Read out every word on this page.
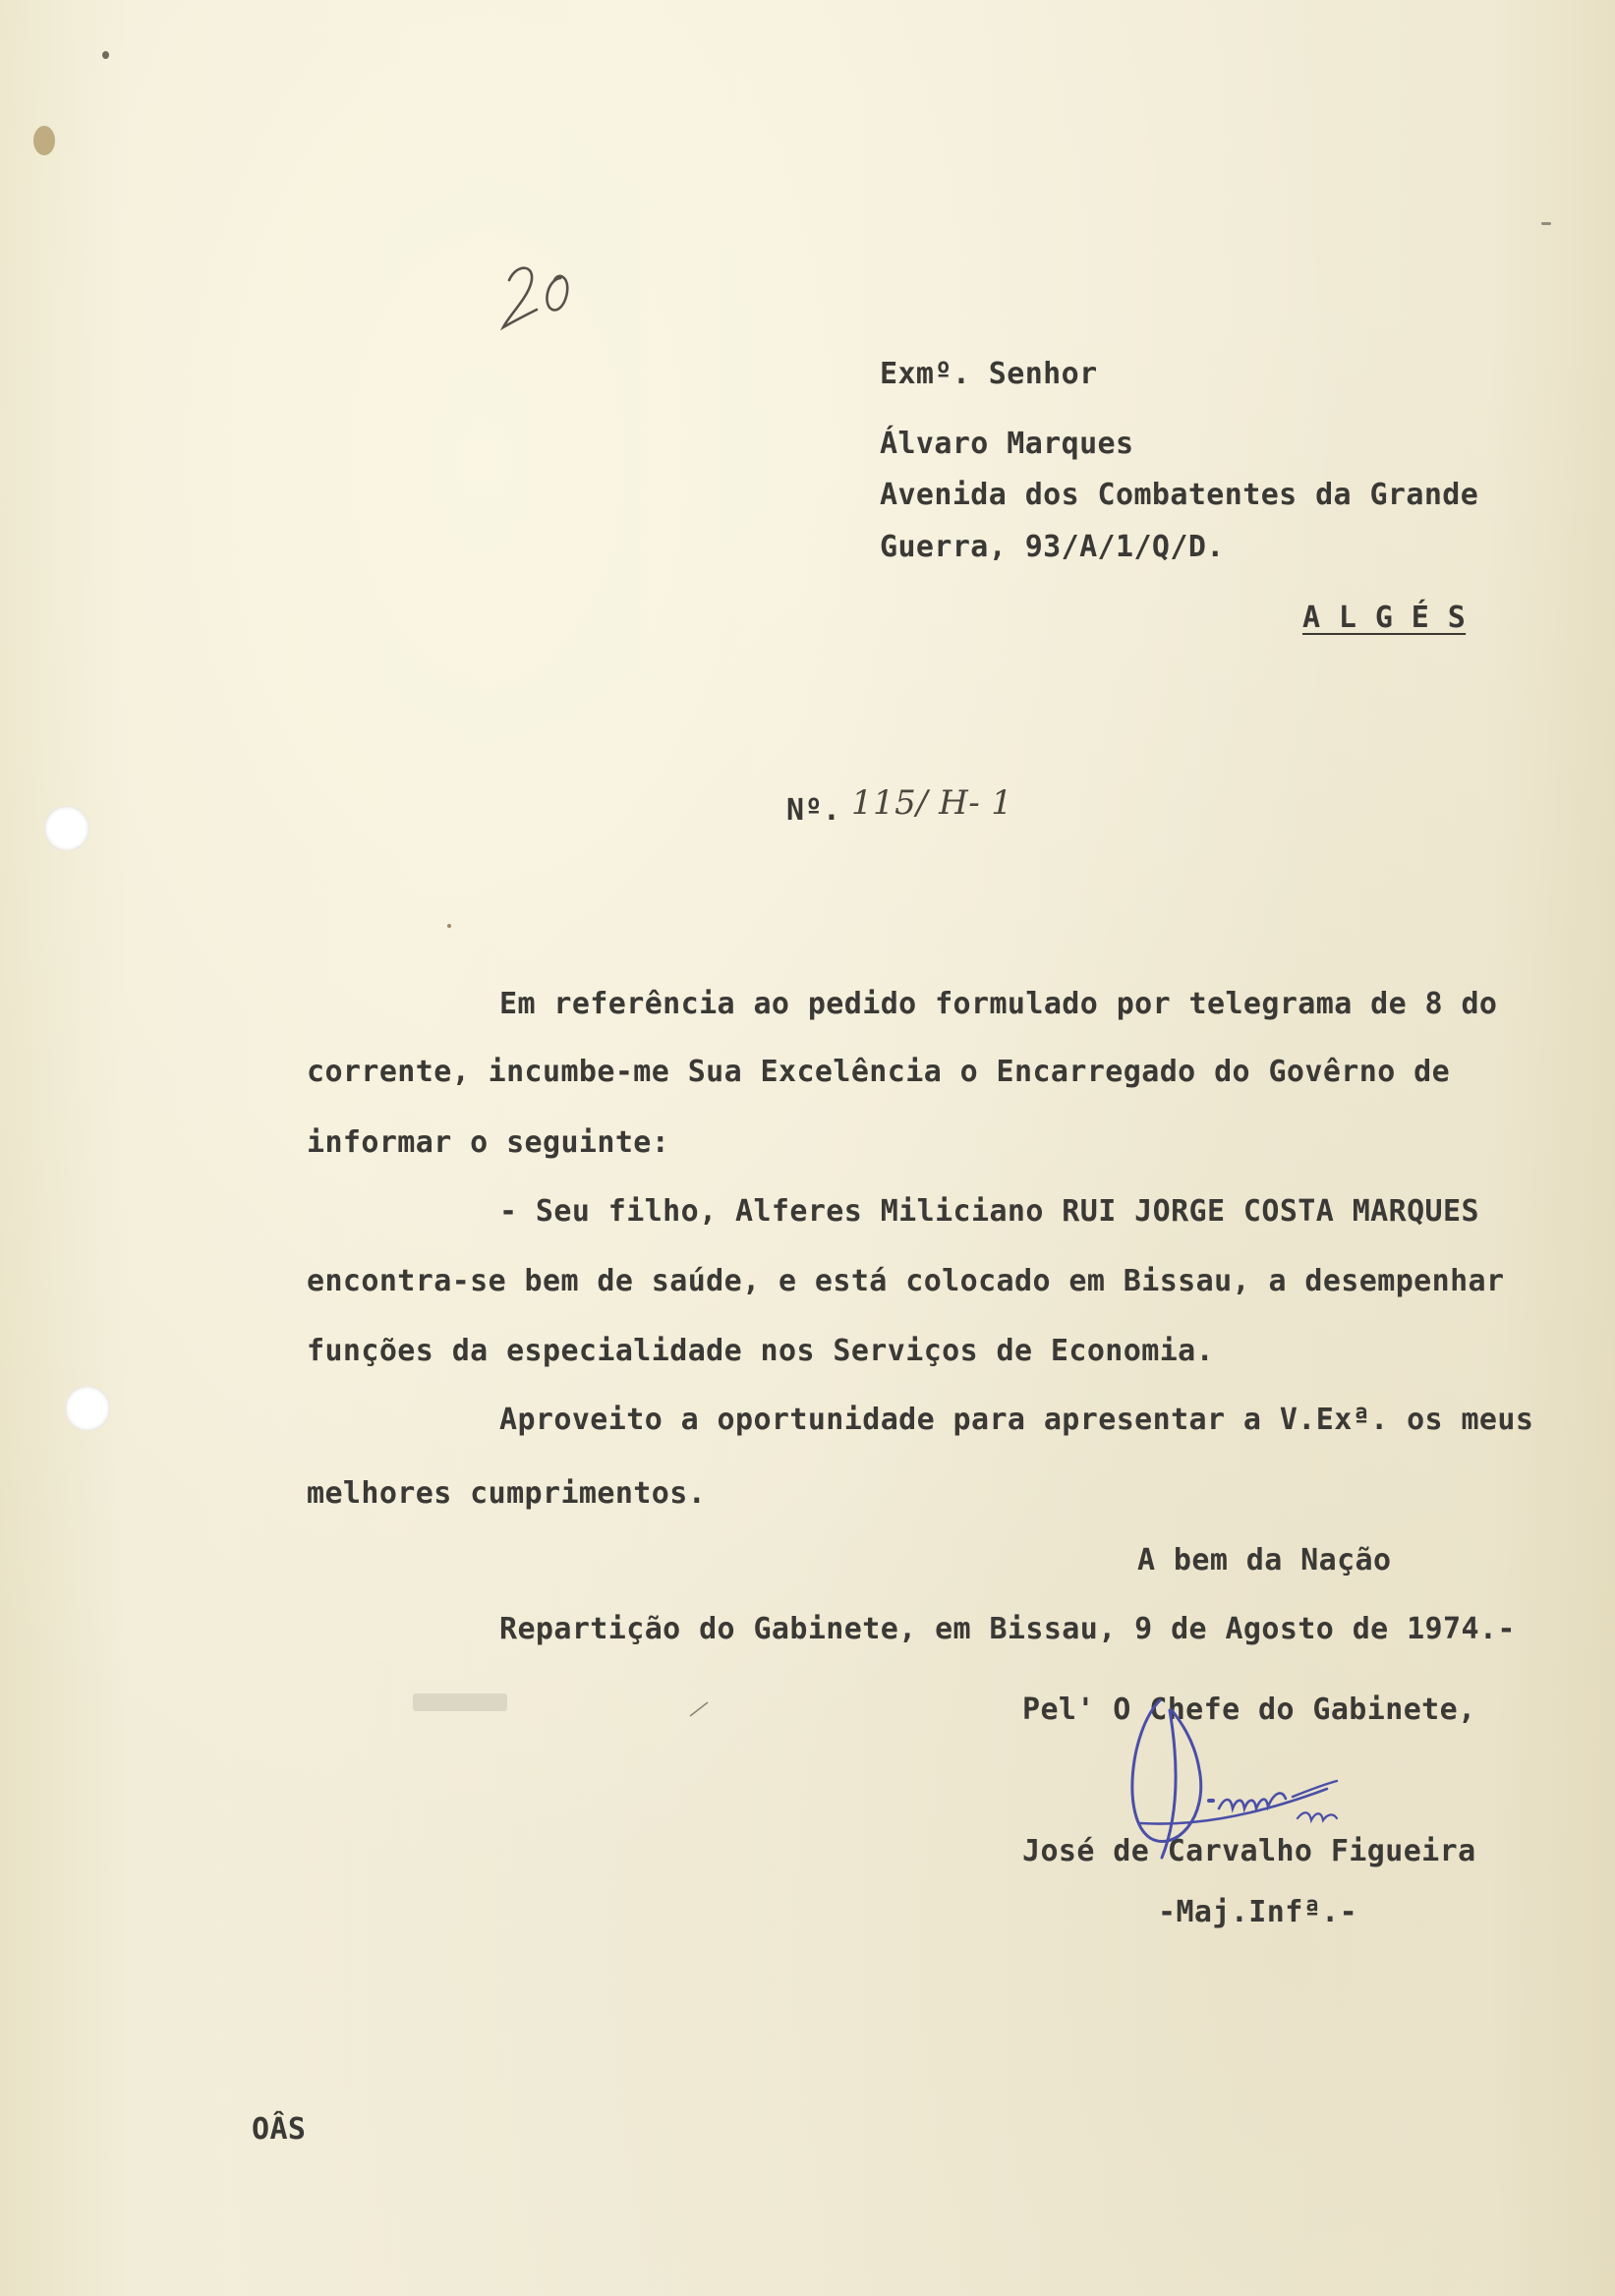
20
Exmº. Senhor
Álvaro Marques
Avenida dos Combatentes da Grande
Guerra, 93/A/1/Q/D.
A L G É S
Nº. 115/ H- 1
Em referência ao pedido formulado por telegrama de 8 do
corrente, incumbe-me Sua Excelência o Encarregado do Govêrno de
informar o seguinte:
- Seu filho, Alferes Miliciano RUI JORGE COSTA MARQUES
encontra-se bem de saúde, e está colocado em Bissau, a desempenhar
funções da especialidade nos Serviços de Economia.
Aproveito a oportunidade para apresentar a V.Exª. os meus
melhores cumprimentos.
A bem da Nação
Repartição do Gabinete, em Bissau, 9 de Agosto de 1974.-
Pel' O Chefe do Gabinete,
José de Carvalho Figueira
-Maj.Infª.-
OÂS
